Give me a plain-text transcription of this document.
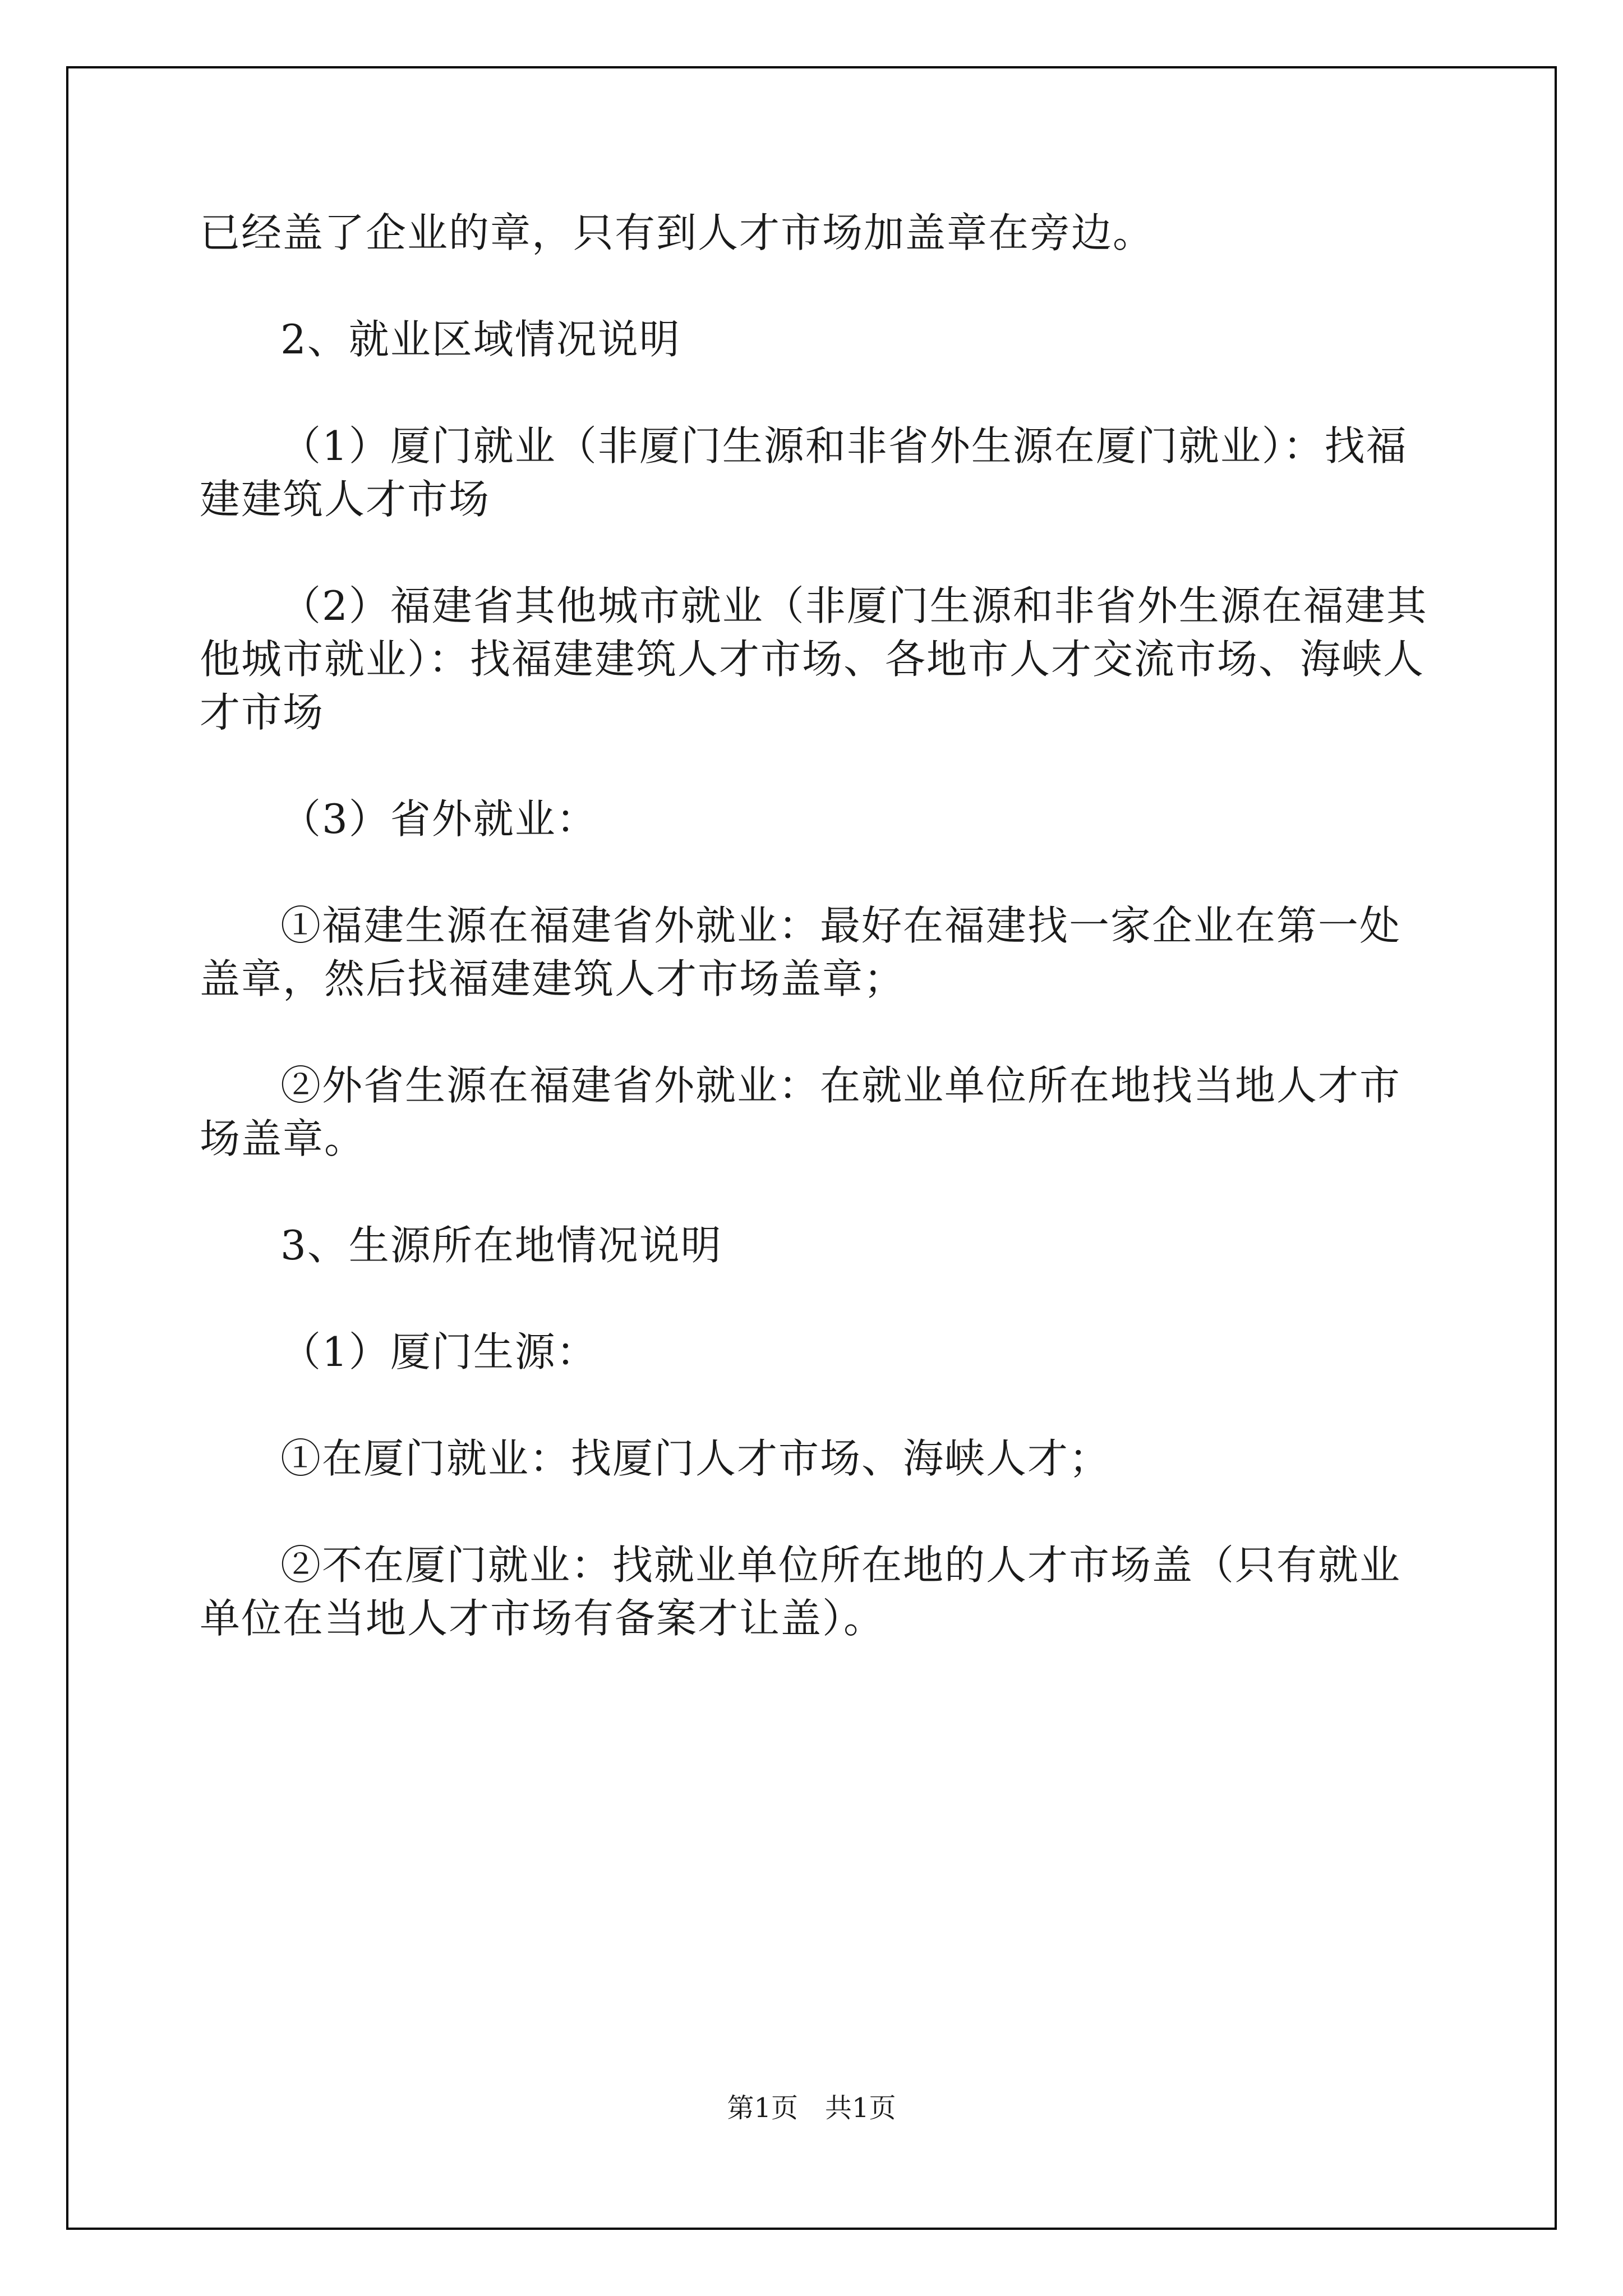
已经盖了企业的章，只有到人才市场加盖章在旁边。

2、就业区域情况说明

（1）厦门就业（非厦门生源和非省外生源在厦门就业）：找福建建筑人才市场

（2）福建省其他城市就业（非厦门生源和非省外生源在福建其他城市就业）：找福建建筑人才市场、各地市人才交流市场、海峡人才市场

（3）省外就业：

①福建生源在福建省外就业：最好在福建找一家企业在第一处盖章，然后找福建建筑人才市场盖章；

②外省生源在福建省外就业：在就业单位所在地找当地人才市场盖章。

3、生源所在地情况说明

（1）厦门生源：

①在厦门就业：找厦门人才市场、海峡人才；

②不在厦门就业：找就业单位所在地的人才市场盖（只有就业单位在当地人才市场有备案才让盖）。

第1页 共1页
